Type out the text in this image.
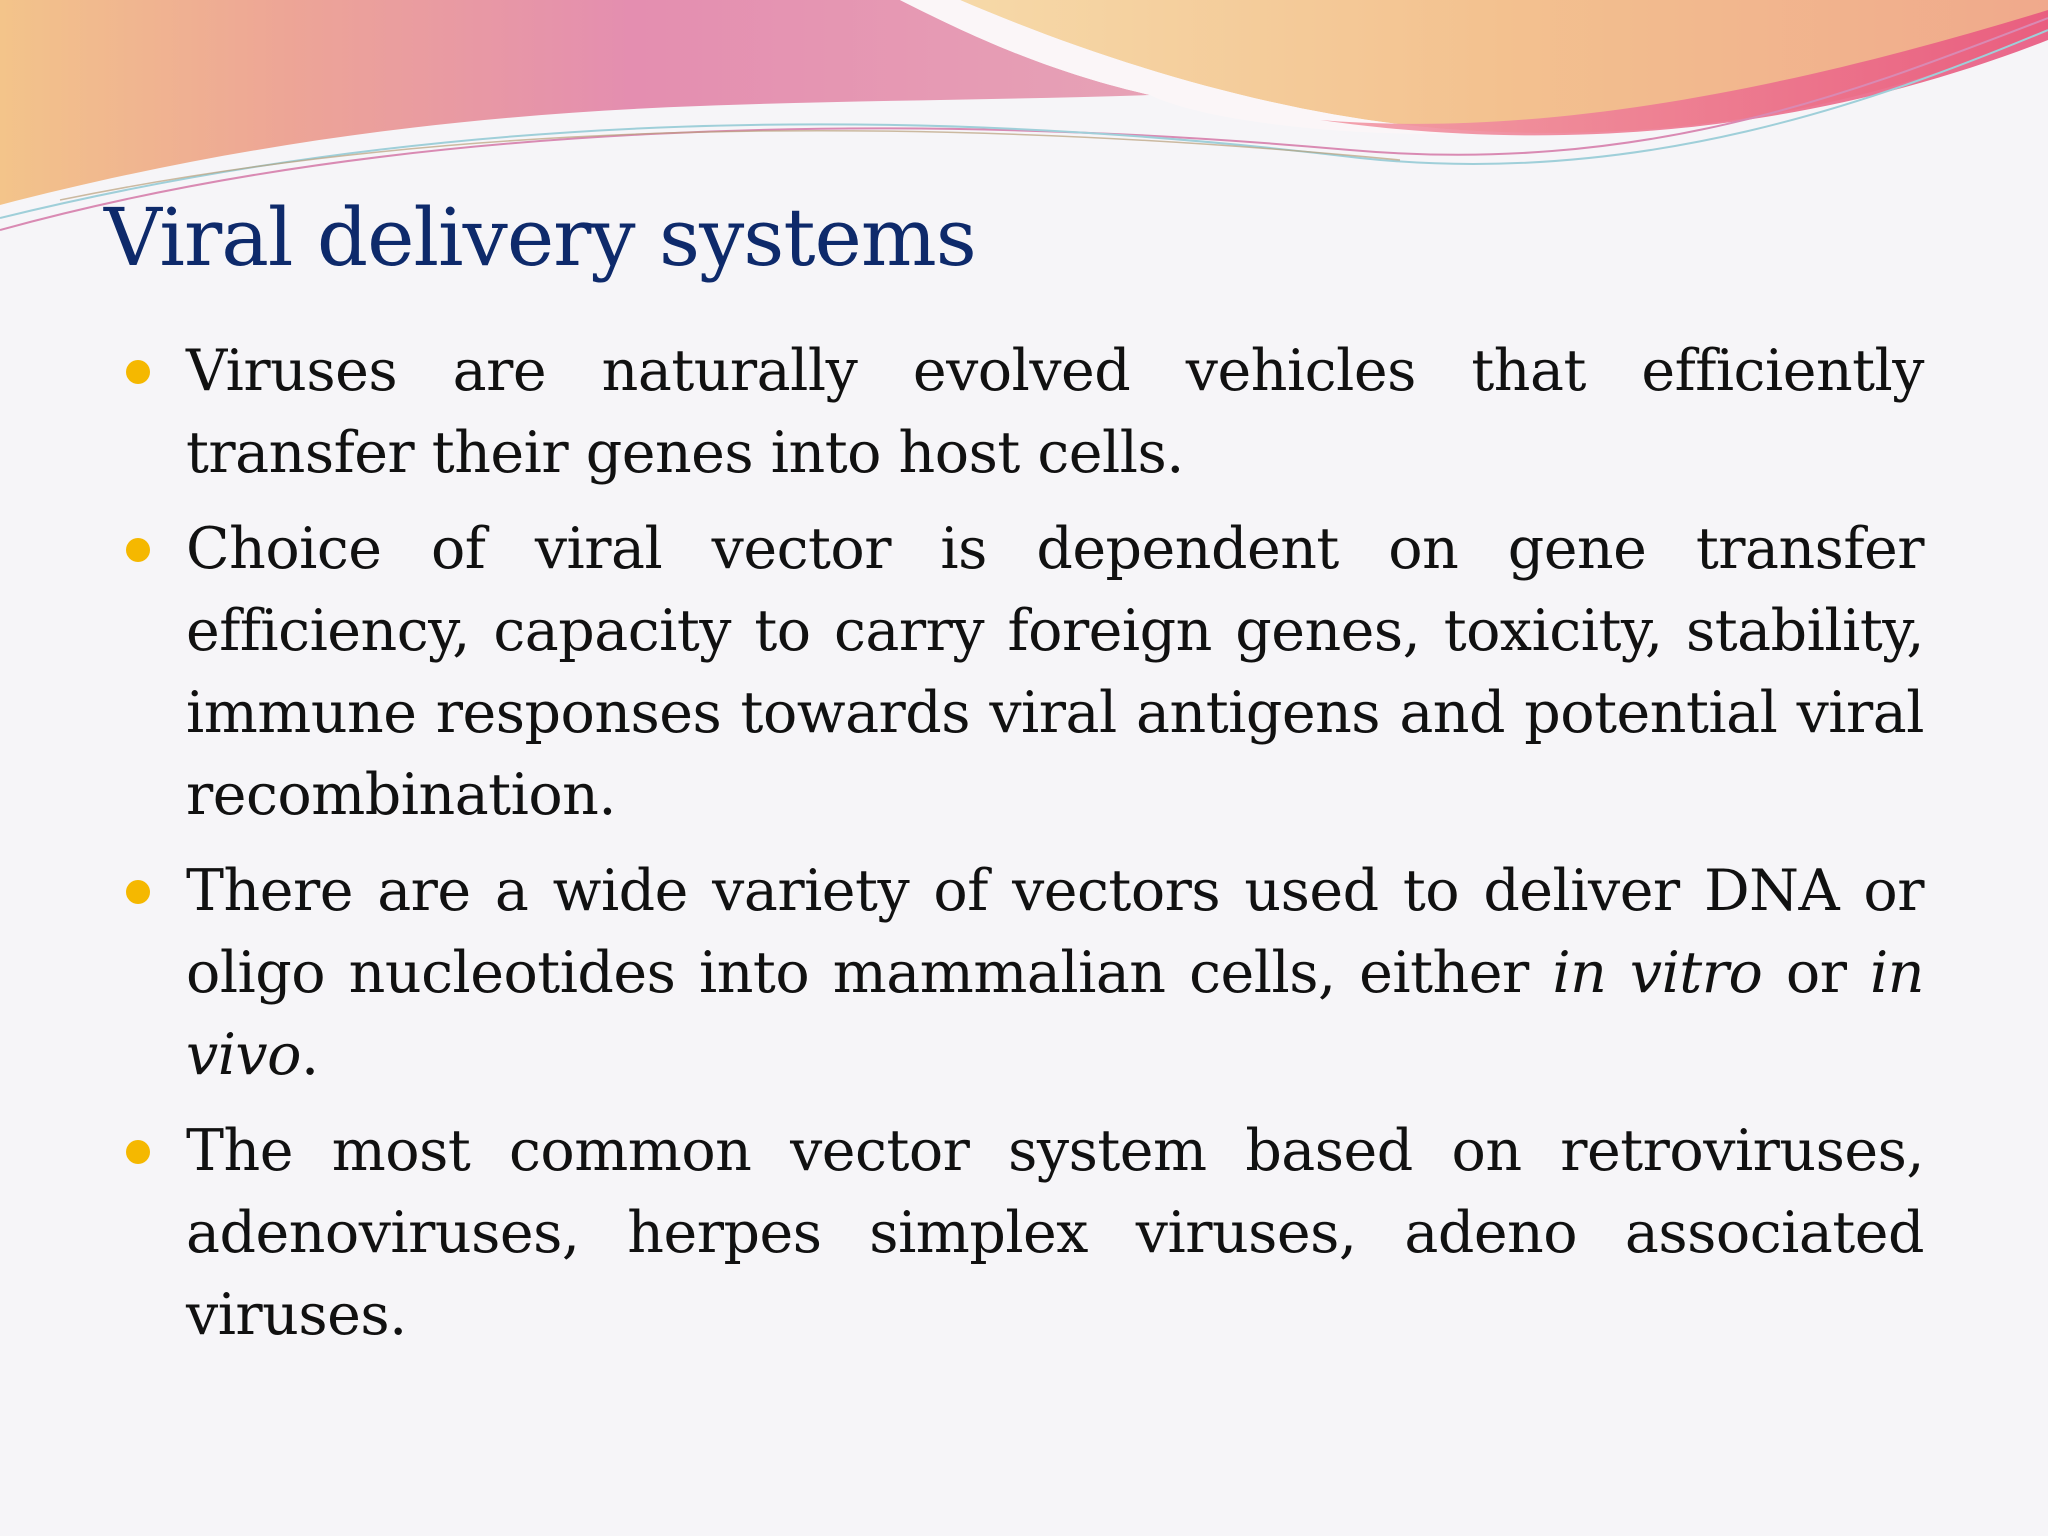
Viral delivery systems
Viruses are naturally evolved vehicles that efficiently transfer their genes into host cells.
Choice of viral vector is dependent on gene transfer efficiency, capacity to carry foreign genes, toxicity, stability, immune responses towards viral antigens and potential viral recombination.
There are a wide variety of vectors used to deliver DNA or oligo nucleotides into mammalian cells, either in vitro or in vivo.
The most common vector system based on retroviruses, adenoviruses, herpes simplex viruses, adeno associated viruses.
